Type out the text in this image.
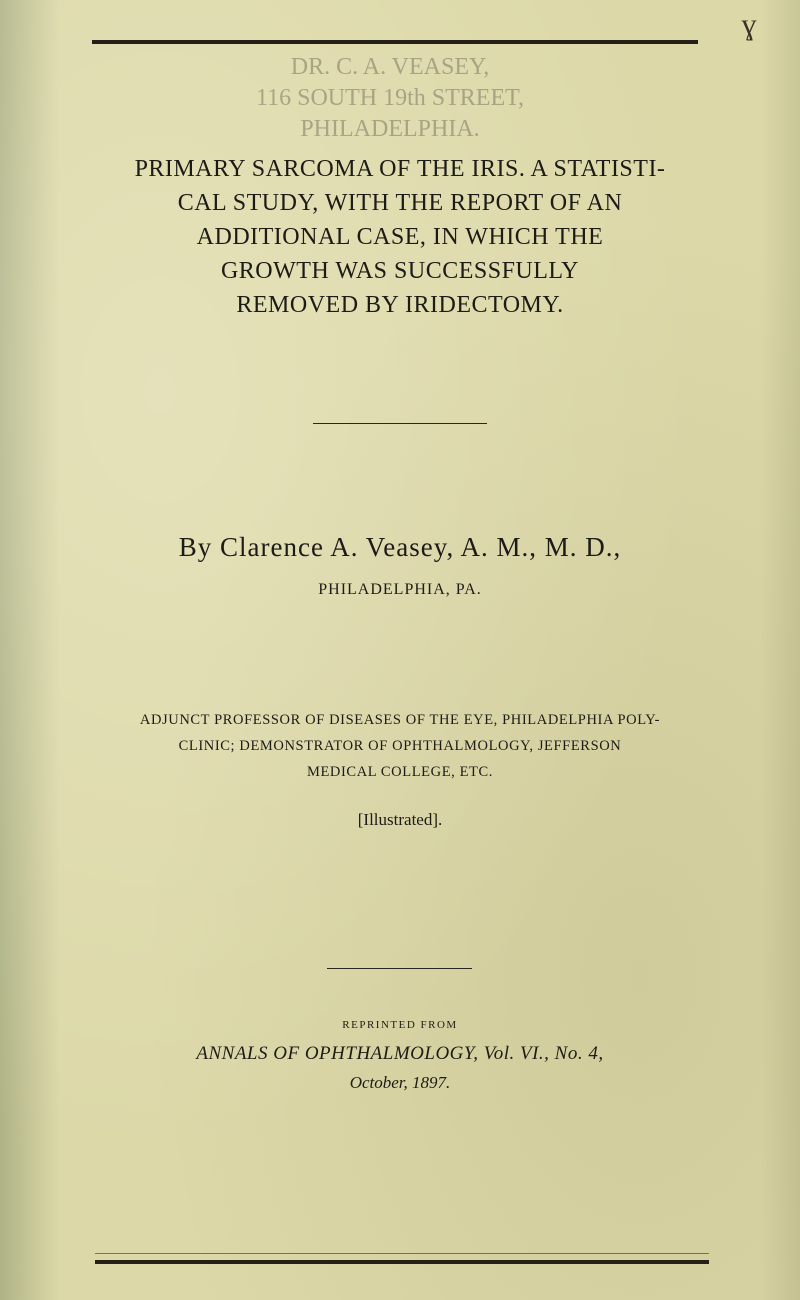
ɣ
DR. C. A. VEASEY,
116 SOUTH 19th STREET,
PHILADELPHIA.
PRIMARY SARCOMA OF THE IRIS. A STATISTI-
CAL STUDY, WITH THE REPORT OF AN
ADDITIONAL CASE, IN WHICH THE
GROWTH WAS SUCCESSFULLY
REMOVED BY IRIDECTOMY.
By Clarence A. Veasey, A. M., M. D.,
PHILADELPHIA, PA.
ADJUNCT PROFESSOR OF DISEASES OF THE EYE, PHILADELPHIA POLY-
CLINIC; DEMONSTRATOR OF OPHTHALMOLOGY, JEFFERSON
MEDICAL COLLEGE, ETC.
[Illustrated].
REPRINTED FROM
ANNALS OF OPHTHALMOLOGY, Vol. VI., No. 4,
October, 1897.
